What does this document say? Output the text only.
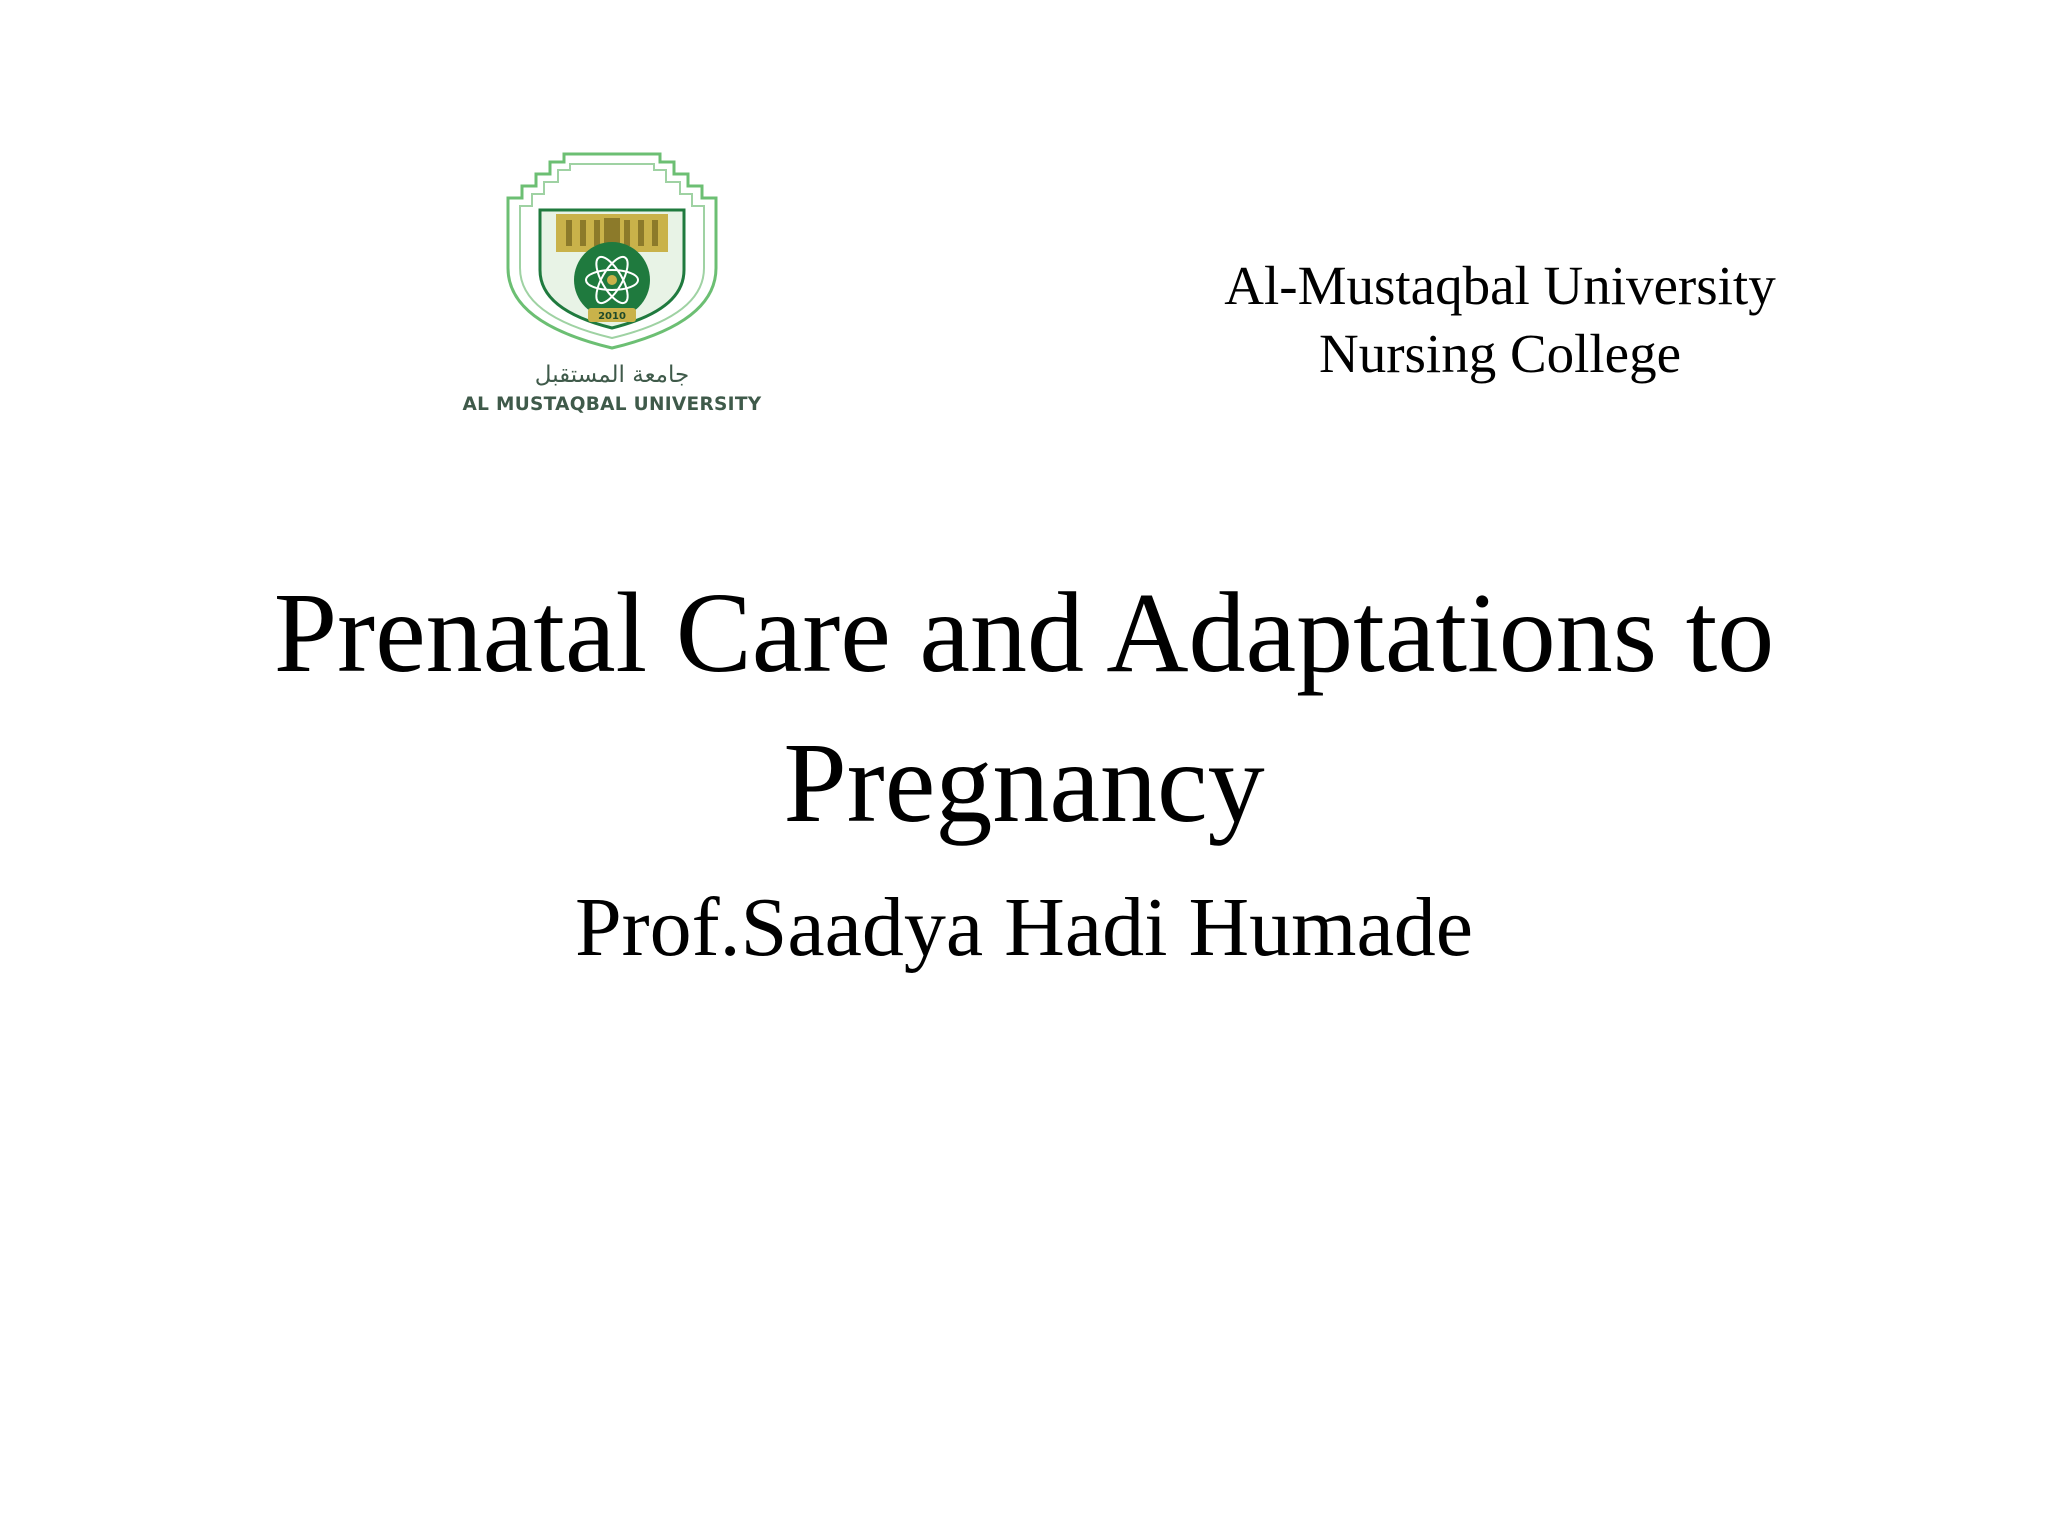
2010
جامعة المستقبل
AL MUSTAQBAL UNIVERSITY
Al-Mustaqbal University
Nursing College
Prenatal Care and Adaptations to
Pregnancy
Prof.Saadya Hadi Humade
